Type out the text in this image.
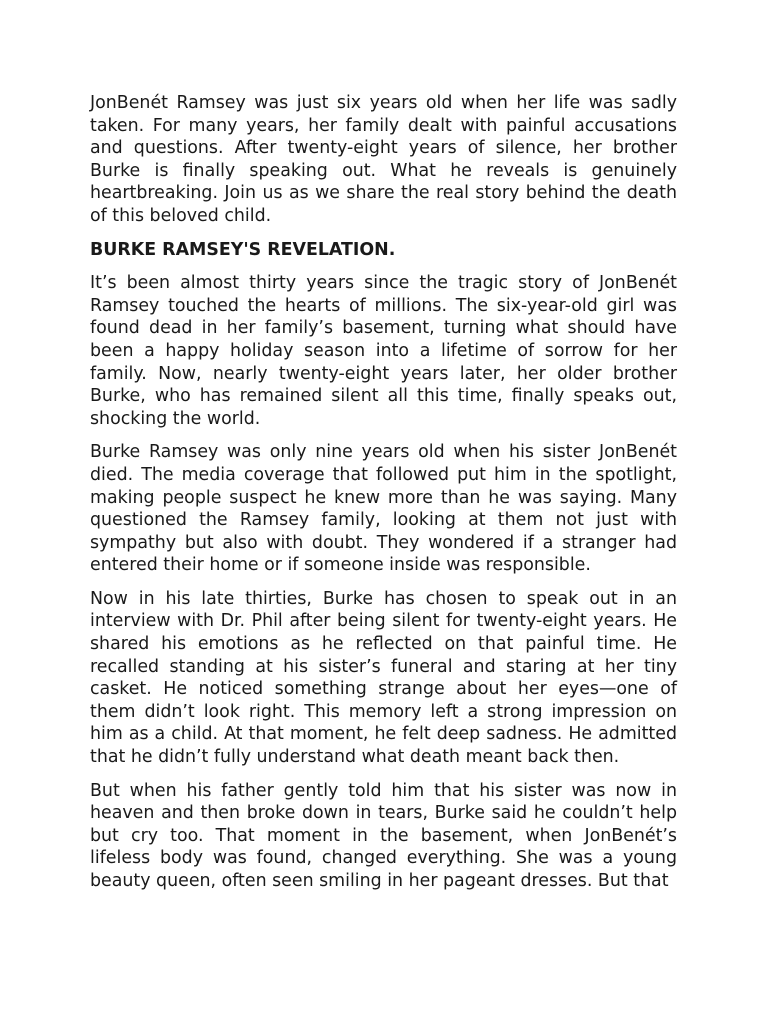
JonBenét Ramsey was just six years old when her life was sadly taken. For many years, her family dealt with painful accusations and questions. After twenty-eight years of silence, her brother Burke is finally speaking out. What he reveals is genuinely heartbreaking. Join us as we share the real story behind the death of this beloved child.

BURKE RAMSEY'S REVELATION.

It’s been almost thirty years since the tragic story of JonBenét Ramsey touched the hearts of millions. The six-year-old girl was found dead in her family’s basement, turning what should have been a happy holiday season into a lifetime of sorrow for her family. Now, nearly twenty-eight years later, her older brother Burke, who has remained silent all this time, finally speaks out, shocking the world.

Burke Ramsey was only nine years old when his sister JonBenét died. The media coverage that followed put him in the spotlight, making people suspect he knew more than he was saying. Many questioned the Ramsey family, looking at them not just with sympathy but also with doubt. They wondered if a stranger had entered their home or if someone inside was responsible.

Now in his late thirties, Burke has chosen to speak out in an interview with Dr. Phil after being silent for twenty-eight years. He shared his emotions as he reflected on that painful time. He recalled standing at his sister’s funeral and staring at her tiny casket. He noticed something strange about her eyes—one of them didn’t look right. This memory left a strong impression on him as a child. At that moment, he felt deep sadness. He admitted that he didn’t fully understand what death meant back then.

But when his father gently told him that his sister was now in heaven and then broke down in tears, Burke said he couldn’t help but cry too. That moment in the basement, when JonBenét’s lifeless body was found, changed everything. She was a young beauty queen, often seen smiling in her pageant dresses. But that
